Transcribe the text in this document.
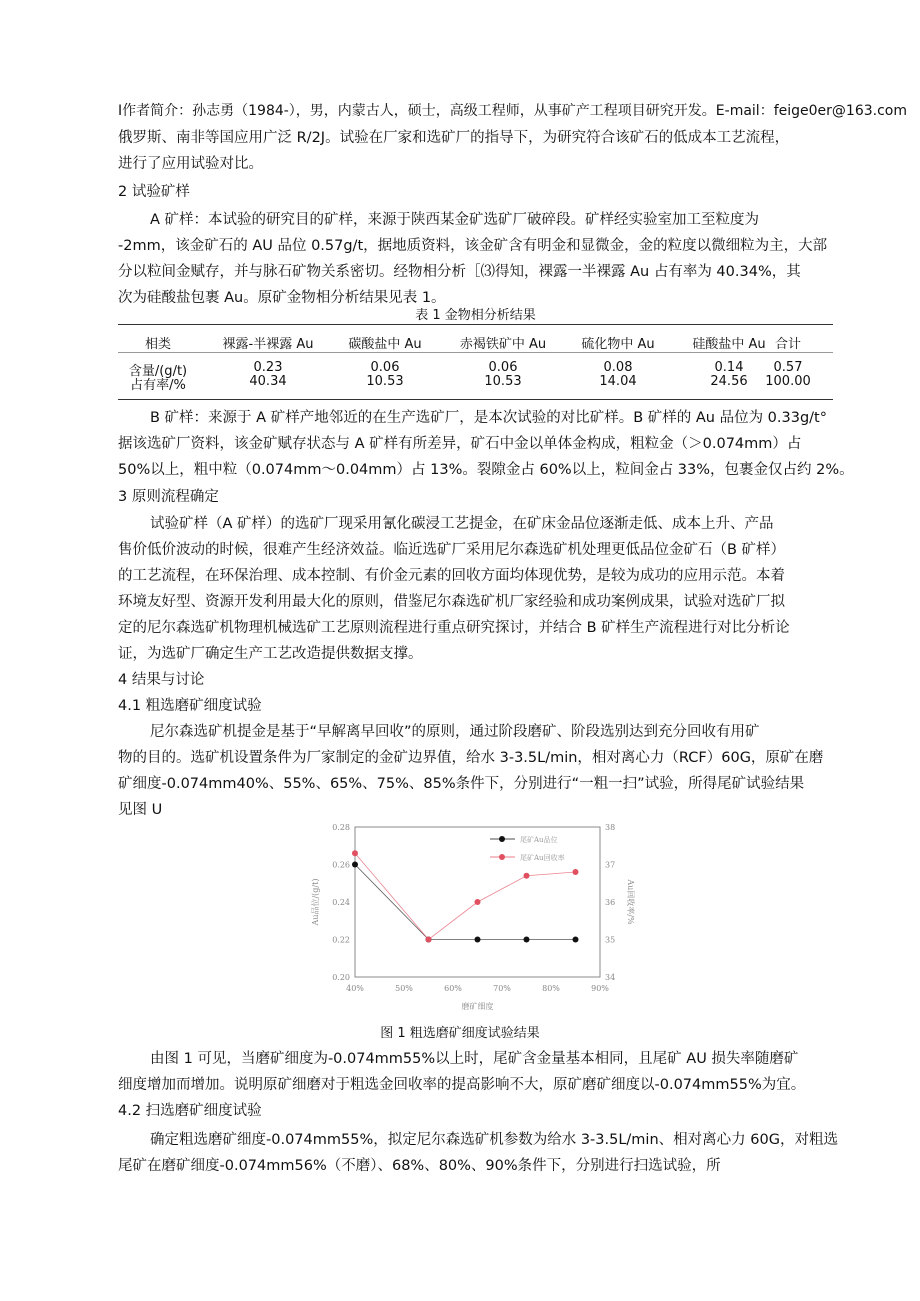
I作者简介：孙志勇（1984-），男，内蒙古人，硕士，高级工程师，从事矿产工程项目研究开发。E-mail：feige0er@163.com
俄罗斯、南非等国应用广泛 R/2J。试验在厂家和选矿厂的指导下，为研究符合该矿石的低成本工艺流程，
进行了应用试验对比。
2 试验矿样
A 矿样：本试验的研究目的矿样，来源于陕西某金矿选矿厂破碎段。矿样经实验室加工至粒度为
-2mm，该金矿石的 AU 品位 0.57g/t，据地质资料，该金矿含有明金和显微金，金的粒度以微细粒为主，大部
分以粒间金赋存，并与脉石矿物关系密切。经物相分析［⑶得知，裸露一半裸露 Au 占有率为 40.34%，其
次为硅酸盐包裹 Au。原矿金物相分析结果见表 1。
表 1 金物相分析结果
相类	裸露-半裸露 Au	碳酸盐中 Au	赤褐铁矿中 Au	硫化物中 Au	硅酸盐中 Au 合计
含量/(g/t)	0.23	0.06	0.06	0.08	0.14	0.57
占有率/%	40.34	10.53	10.53	14.04	24.56	100.00
B 矿样：来源于 A 矿样产地邻近的在生产选矿厂，是本次试验的对比矿样。B 矿样的 Au 品位为 0.33g/t°
据该选矿厂资料，该金矿赋存状态与 A 矿样有所差异，矿石中金以单体金构成，粗粒金（＞0.074mm）占
50%以上，粗中粒（0.074mm～0.04mm）占 13%。裂隙金占 60%以上，粒间金占 33%，包裹金仅占约 2%。
3 原则流程确定
试验矿样（A 矿样）的选矿厂现采用氰化碳浸工艺提金，在矿床金品位逐渐走低、成本上升、产品
售价低价波动的时候，很难产生经济效益。临近选矿厂采用尼尔森选矿机处理更低品位金矿石（B 矿样）
的工艺流程，在环保治理、成本控制、有价金元素的回收方面均体现优势，是较为成功的应用示范。本着
环境友好型、资源开发利用最大化的原则，借鉴尼尔森选矿机厂家经验和成功案例成果，试验对选矿厂拟
定的尼尔森选矿机物理机械选矿工艺原则流程进行重点研究探讨，并结合 B 矿样生产流程进行对比分析论
证，为选矿厂确定生产工艺改造提供数据支撑。
4 结果与讨论
4.1 粗选磨矿细度试验
尼尔森选矿机提金是基于“早解离早回收”的原则，通过阶段磨矿、阶段选别达到充分回收有用矿
物的目的。选矿机设置条件为厂家制定的金矿边界值，给水 3-3.5L/min，相对离心力（RCF）60G，原矿在磨
矿细度-0.074mm40%、55%、65%、75%、85%条件下，分别进行“一粗一扫”试验，所得尾矿试验结果
见图 U
0.20
0.22
0.24
0.26
0.28
34
35
36
37
38
40%	50%	60%	70%	80%	90%
磨矿细度
Au品位/(g/t)	Au回收率/%
尾矿Au品位
尾矿Au回收率
图 1 粗选磨矿细度试验结果
由图 1 可见，当磨矿细度为-0.074mm55%以上时，尾矿含金量基本相同，且尾矿 AU 损失率随磨矿
细度增加而增加。说明原矿细磨对于粗选金回收率的提高影响不大，原矿磨矿细度以-0.074mm55%为宜。
4.2 扫选磨矿细度试验
确定粗选磨矿细度-0.074mm55%，拟定尼尔森选矿机参数为给水 3-3.5L/min、相对离心力 60G，对粗选
尾矿在磨矿细度-0.074mm56%（不磨）、68%、80%、90%条件下，分别进行扫选试验，所
